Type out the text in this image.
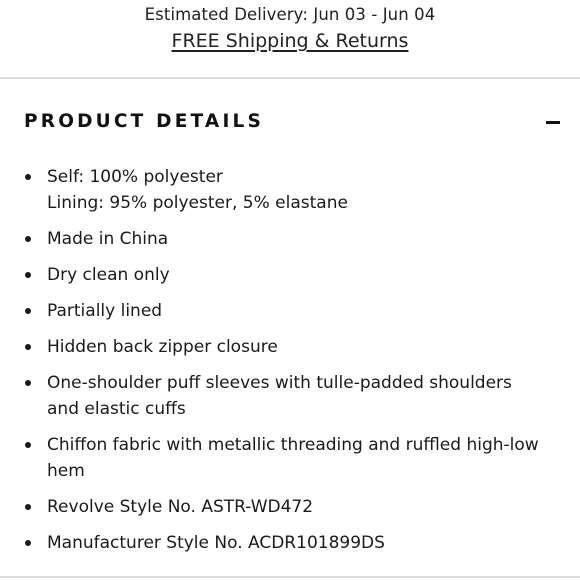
Estimated Delivery: Jun 03 - Jun 04
FREE Shipping & Returns
PRODUCT DETAILS
Self: 100% polyester
Lining: 95% polyester, 5% elastane
Made in China
Dry clean only
Partially lined
Hidden back zipper closure
One-shoulder puff sleeves with tulle-padded shoulders
and elastic cuffs
Chiffon fabric with metallic threading and ruffled high-low
hem
Revolve Style No. ASTR-WD472
Manufacturer Style No. ACDR101899DS
